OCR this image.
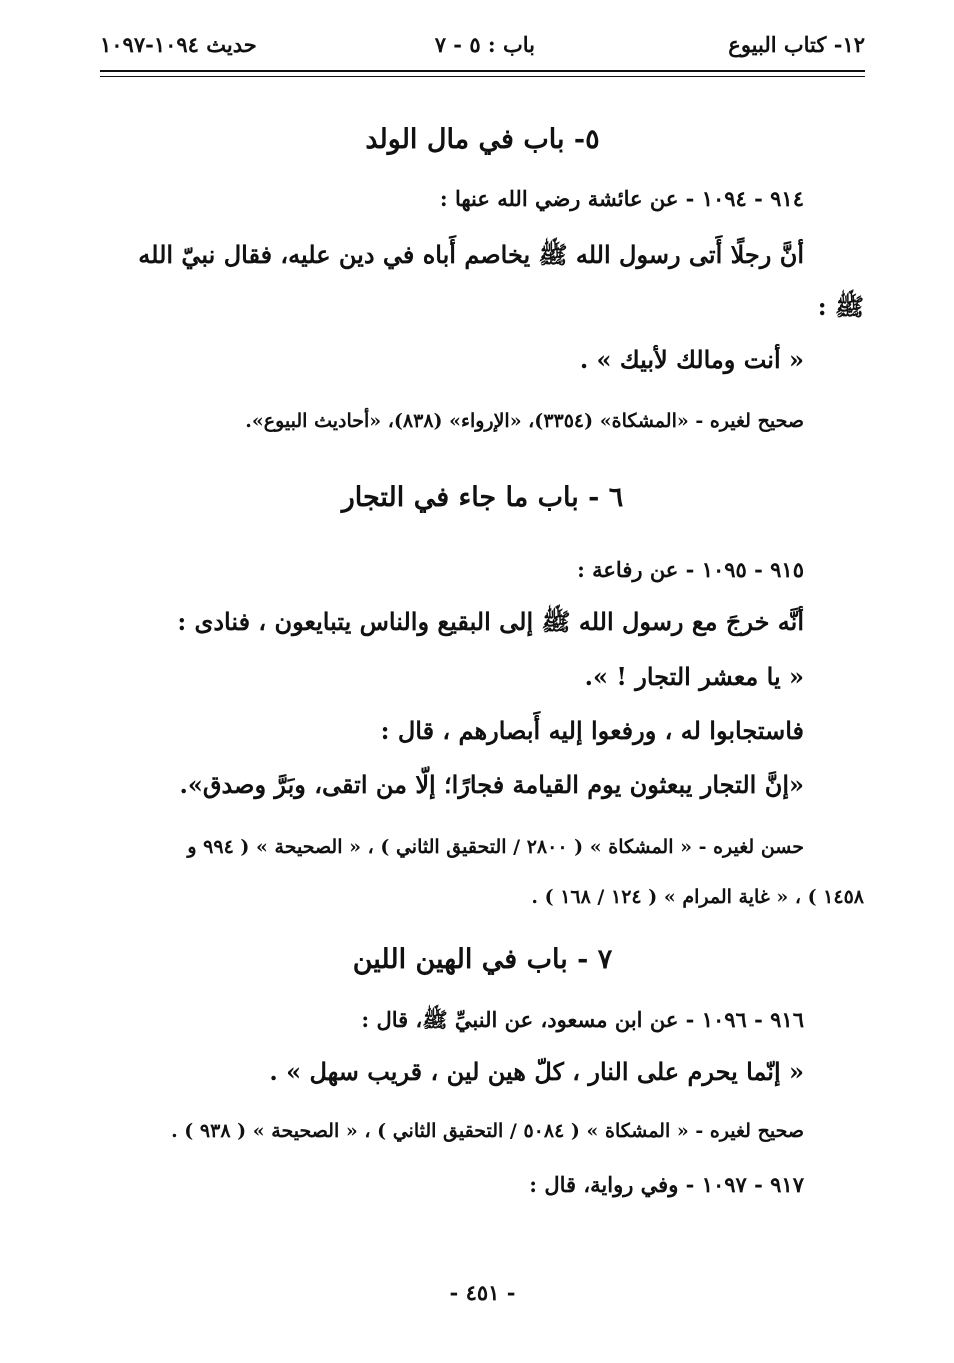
١٢- كتاب البيوع
باب : ٥ - ٧
حديث ١٠٩٤-١٠٩٧
٥- باب في مال الولد
٩١٤ - ١٠٩٤ - عن عائشة رضي الله عنها :
أنَّ رجلًا أَتى رسول الله ﷺ يخاصم أَباه في دين عليه، فقال نبيّ الله
ﷺ :
« أنت ومالك لأبيك » .
صحيح لغيره - «المشكاة» (٣٣٥٤)، «الإرواء» (٨٣٨)، «أحاديث البيوع».
٦ - باب ما جاء في التجار
٩١٥ - ١٠٩٥ - عن رفاعة :
أنَّه خرجَ مع رسول الله ﷺ إلى البقيع والناس يتبايعون ، فنادى :
« يا معشر التجار ! ».
فاستجابوا له ، ورفعوا إليه أَبصارهم ، قال :
«إنَّ التجار يبعثون يوم القيامة فجارًا؛ إلّا من اتقى، وبَرَّ وصدق».
حسن لغيره - « المشكاة » ( ٢٨٠٠ / التحقيق الثاني ) ، « الصحيحة » ( ٩٩٤ و
١٤٥٨ ) ، « غاية المرام » ( ١٢٤ / ١٦٨ ) .
٧ - باب في الهين اللين
٩١٦ - ١٠٩٦ - عن ابن مسعود، عن النبيِّ ﷺ، قال :
« إنّما يحرم على النار ، كلّ هين لين ، قريب سهل » .
صحيح لغيره - « المشكاة » ( ٥٠٨٤ / التحقيق الثاني ) ، « الصحيحة » ( ٩٣٨ ) .
٩١٧ - ١٠٩٧ - وفي رواية، قال :
- ٤٥١ -
